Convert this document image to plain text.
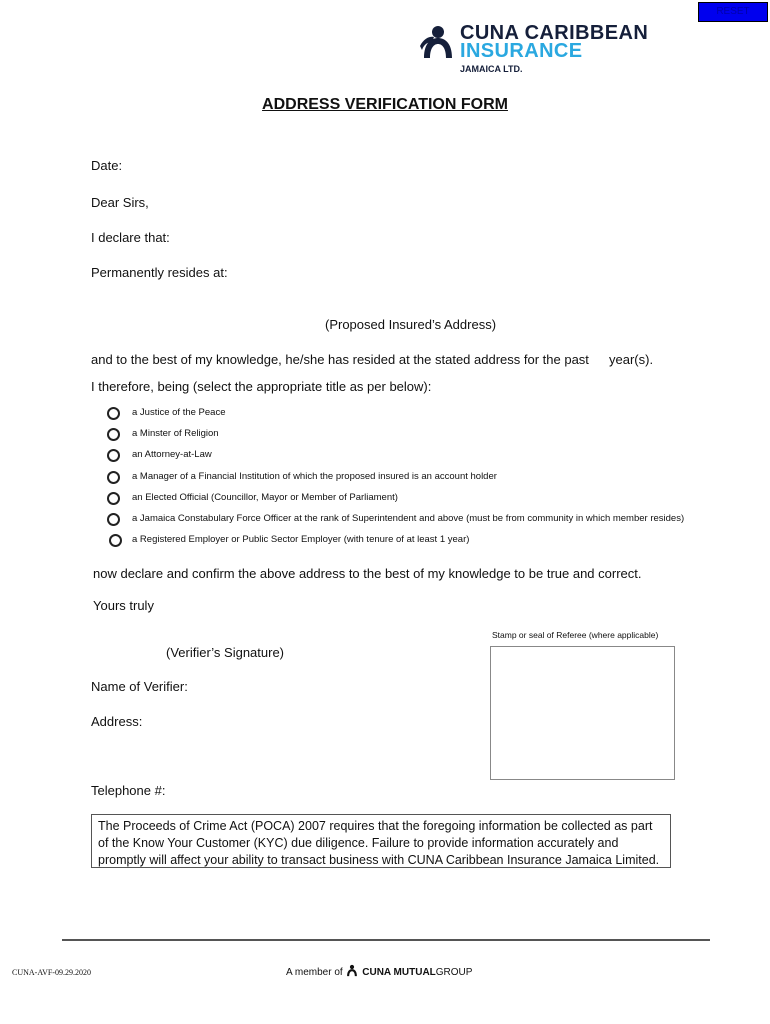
RESET
CUNA CARIBBEAN
INSURANCE
JAMAICA LTD.
ADDRESS VERIFICATION FORM
Date:
Dear Sirs,
I declare that:
Permanently resides at:
(Proposed Insured’s Address)
and to the best of my knowledge, he/she has resided at the stated address for the past year(s).
I therefore, being (select the appropriate title as per below):
a Justice of the Peace
a Minster of Religion
an Attorney-at-Law
a Manager of a Financial Institution of which the proposed insured is an account holder
an Elected Official (Councillor, Mayor or Member of Parliament)
a Jamaica Constabulary Force Officer at the rank of Superintendent and above (must be from community in which member resides)
a Registered Employer or Public Sector Employer (with tenure of at least 1 year)
now declare and confirm the above address to the best of my knowledge to be true and correct.
Yours truly
Stamp or seal of Referee (where applicable)
(Verifier’s Signature)
Name of Verifier:
Address:
Telephone #:
The Proceeds of Crime Act (POCA) 2007 requires that the foregoing information be collected as part of the Know Your Customer (KYC) due diligence. Failure to provide information accurately and promptly will affect your ability to transact business with CUNA Caribbean Insurance Jamaica Limited.
CUNA-AVF-09.29.2020	A member of CUNA MUTUALGROUP
